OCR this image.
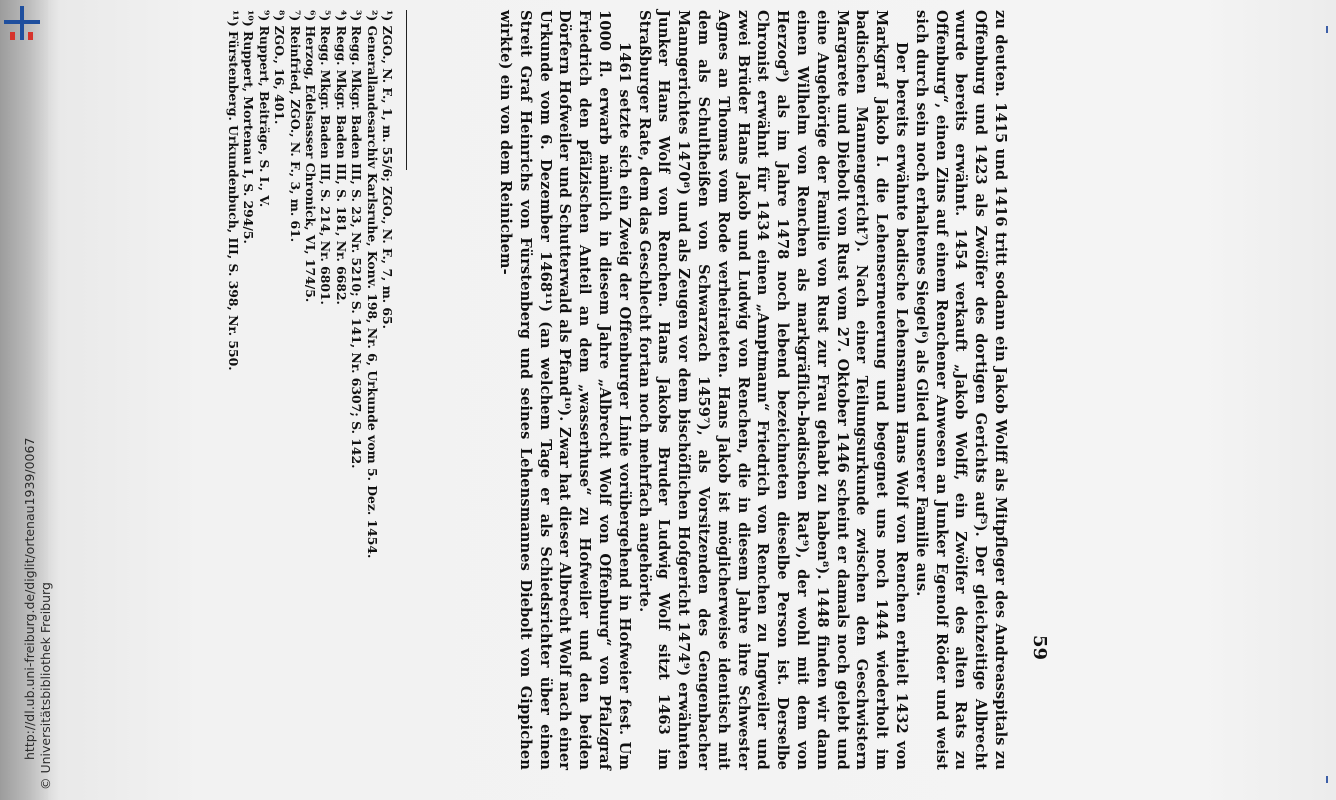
http://dl.ub.uni-freiburg.de/diglit/ortenau1939/0067 © Universitätsbibliothek Freiburg	59

zu deuten. 1415 und 1416 tritt sodann ein Jakob Wolff als Mitpfleger des Andreasspitals zu Offenburg und 1423 als Zwölfer des dortigen Gerichts auf⁵). Der gleichzeitige Albrecht wurde bereits erwähnt. 1454 verkauft „Jakob Wolff, ein Zwölfer des alten Rats zu Offenburg“, einen Zins auf einem Renchener Anwesen an Junker Egenolf Röder und weist sich durch sein noch erhaltenes Siegel⁶) als Glied unserer Familie aus.

Der bereits erwähnte badische Lehensmann Hans Wolf von Renchen erhielt 1432 von Markgraf Jakob I. die Lehenserneuerung und begegnet uns noch 1444 wiederholt im badischen Mannengericht⁷). Nach einer Teilungsurkunde zwischen den Geschwistern Margarete und Diebolt von Rust vom 27. Oktober 1446 scheint er damals noch gelebt und eine Angehörige der Familie von Rust zur Frau gehabt zu haben⁸). 1448 finden wir dann einen Wilhelm von Renchen als markgräflich-badischen Rat⁹), der wohl mit dem von Herzog⁹) als im Jahre 1478 noch lebend bezeichneten dieselbe Person ist. Derselbe Chronist erwähnt für 1434 einen „Amptmann“ Friedrich von Renchen zu Ingweiler und zwei Brüder Hans Jakob und Ludwig von Renchen, die in diesem Jahre ihre Schwester Agnes an Thomas vom Rode verheirateten. Hans Jakob ist möglicherweise identisch mit dem als Schultheißen von Schwarzach 1459⁷), als Vorsitzenden des Gengenbacher Manngerichtes 1470⁸) und als Zeugen vor dem bischöflichen Hofgericht 1474⁹) erwähnten Junker Hans Wolf von Renchen. Hans Jakobs Bruder Ludwig Wolf sitzt 1463 im Straßburger Rate, dem das Geschlecht fortan noch mehrfach angehörte.

1461 setzte sich ein Zweig der Offenburger Linie vorübergehend in Hofweier fest. Um 1000 fl. erwarb nämlich in diesem Jahre „Albrecht Wolf von Offenburg“ von Pfalzgraf Friedrich den pfälzischen Anteil an dem „wasserhuse“ zu Hofweiler und den beiden Dörfern Hofweiler und Schutterwald als Pfand¹⁰). Zwar hat dieser Albrecht Wolf nach einer Urkunde vom 6. Dezember 1468¹¹) (an welchem Tage er als Schiedsrichter über einen Streit Graf Heinrichs von Fürstenberg und seines Lehensmannes Diebolt von Gippichen wirkte) ein von dem Reinichem-

¹) ZGO., N. F., 1, m. 55/6; ZGO., N. F., 7, m. 65.
²) Generallandesarchiv Karlsruhe, Konv. 198, Nr. 6, Urkunde vom 5. Dez. 1454.
³) Regg. Mkgr. Baden III, S. 23, Nr. 5210; S. 141, Nr. 6307; S. 142.
⁴) Regg. Mkgr. Baden III, S. 181, Nr. 6682.
⁵) Regg. Mkgr. Baden III, S. 214, Nr. 6801.
⁶) Herzog, Edelsasser Chronick, VI, 174/5.
⁷) Reinfried, ZGO., N. F., 3, m. 61.
⁸) ZGO., 16, 401.
⁹) Ruppert, Beiträge, S. I., V.
¹⁰) Ruppert, Mortenau I, S. 294/5.
¹¹) Fürstenberg. Urkundenbuch, III, S. 398, Nr. 550.
